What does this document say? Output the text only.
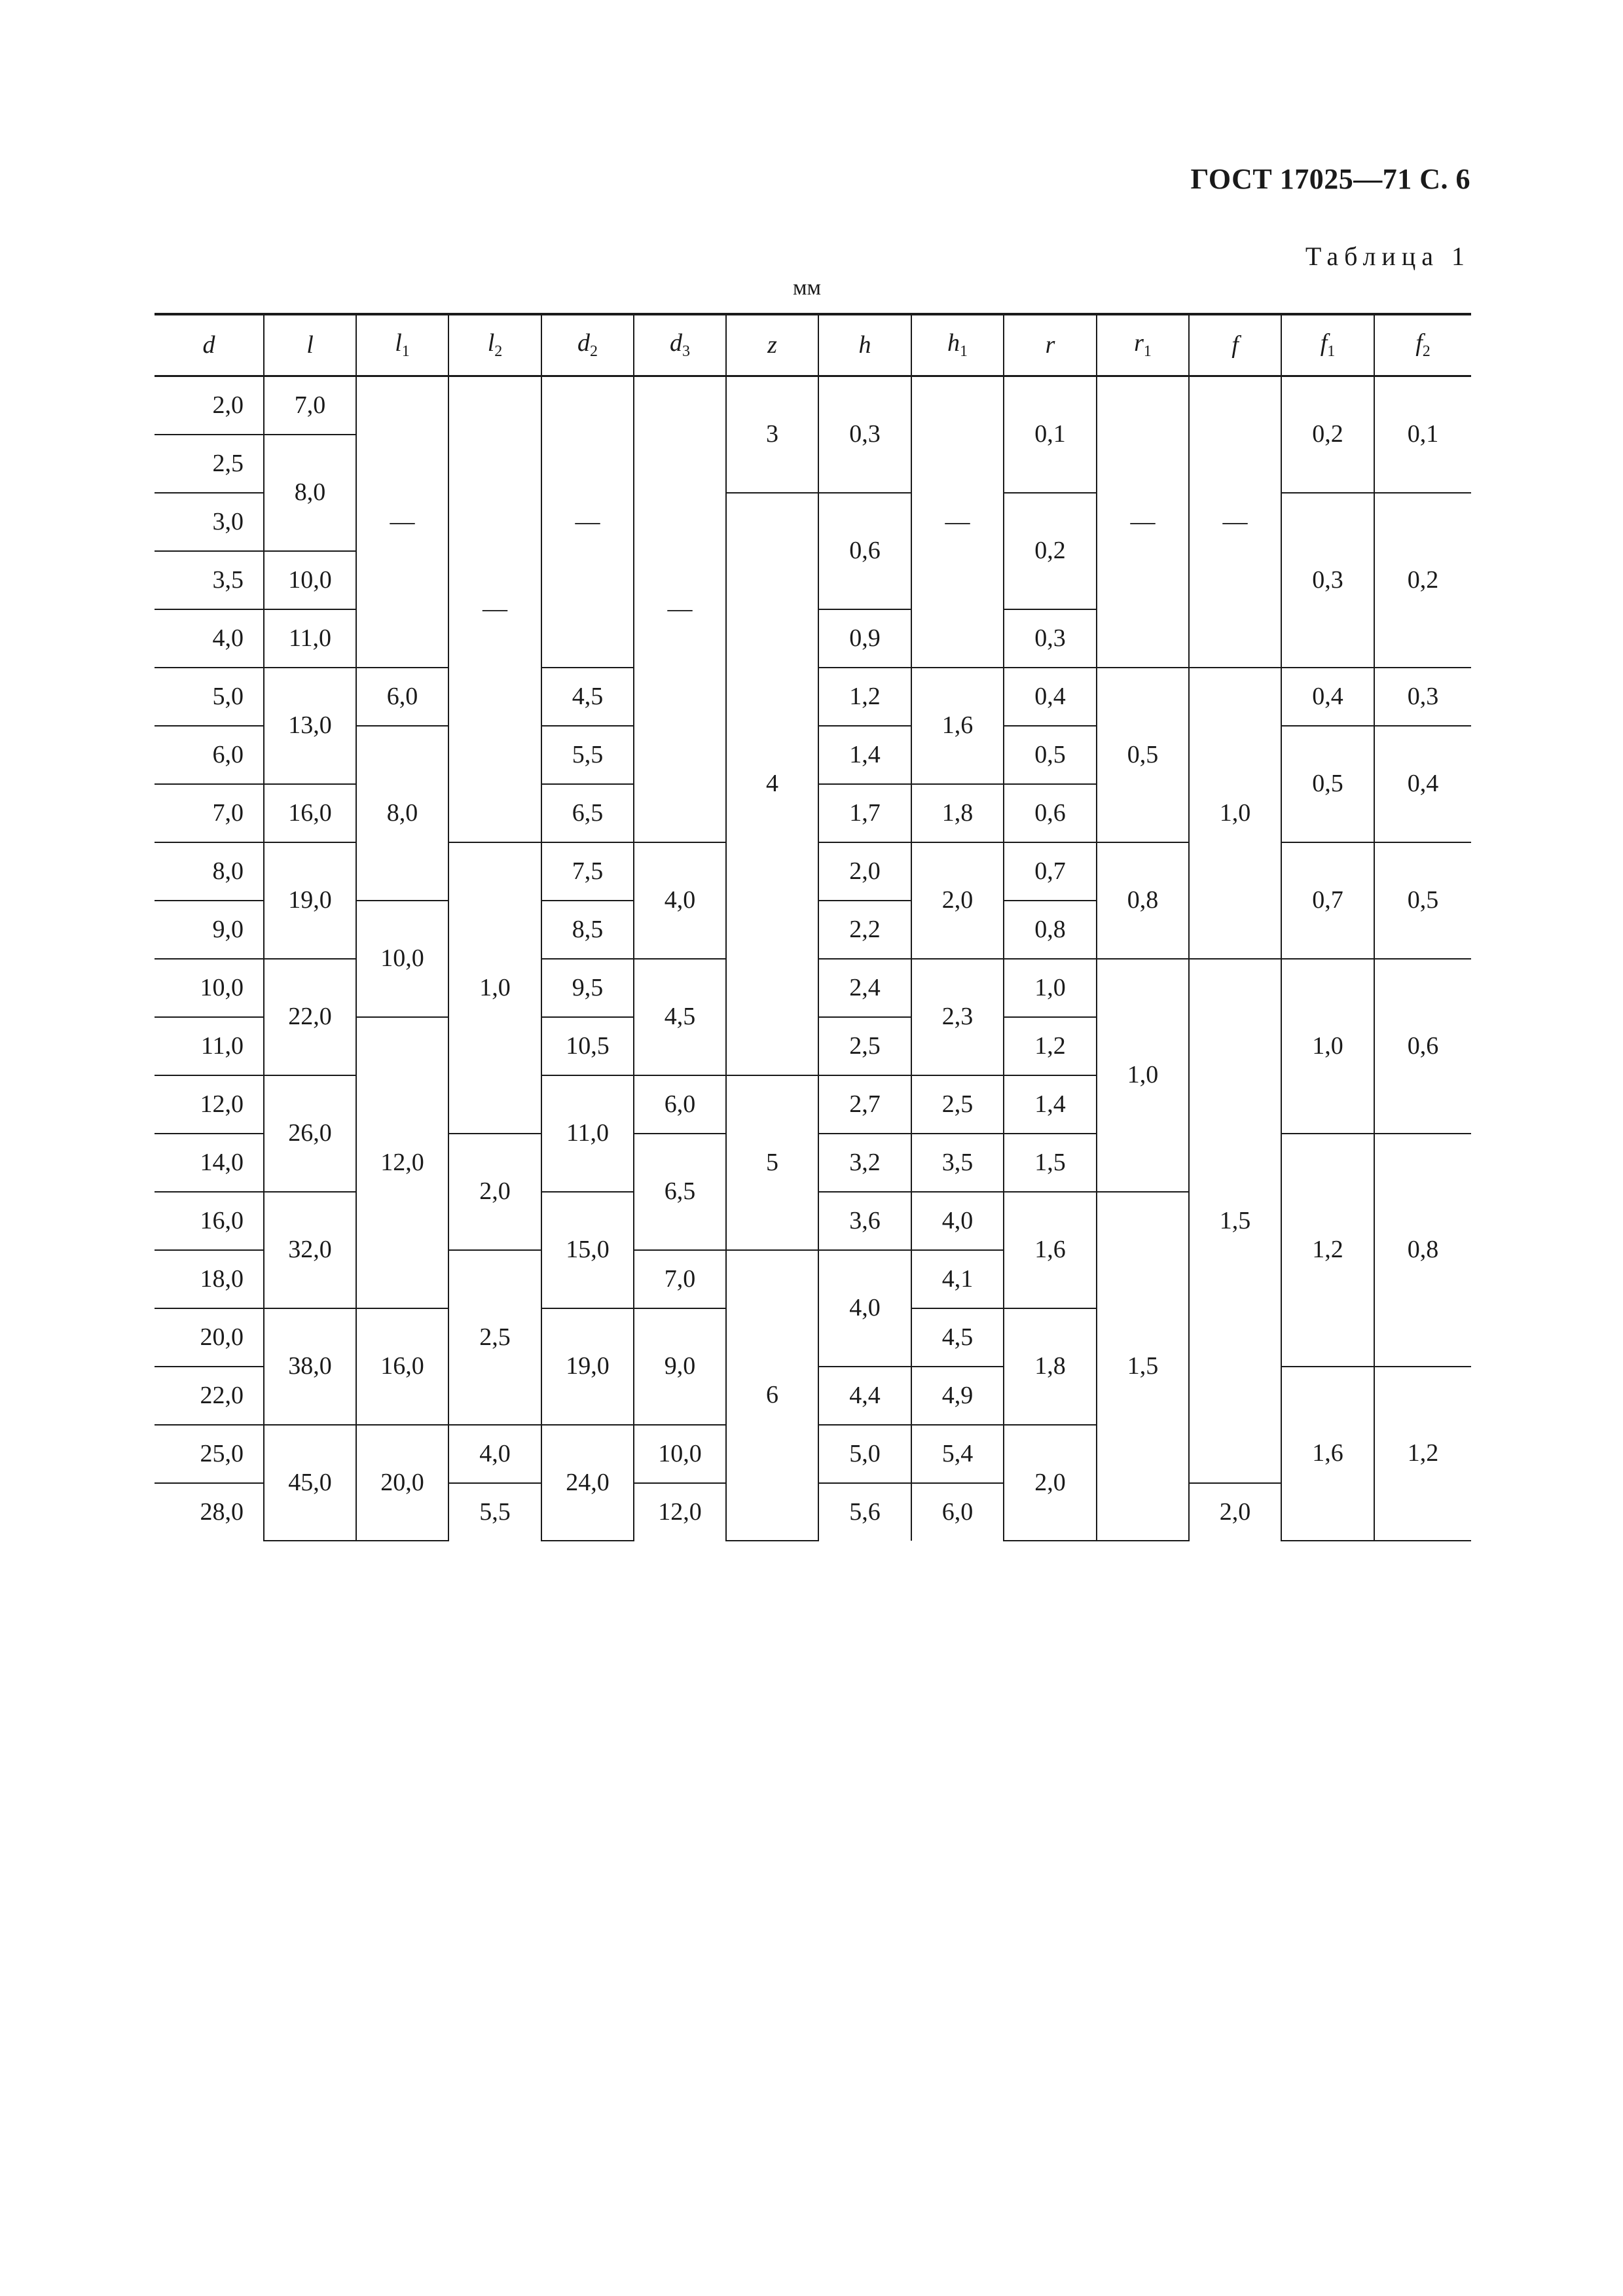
ГОСТ 17025—71 С. 6
Таблица 1
мм
d	l	$l_1$	$l_2$	$d_2$	$d_3$	z	h	$h_1$	r	$r_1$	f	$f_1$	$f_2$
2,0	7,0	—	—	—	—	3	0,3	—	0,1	—	—	0,2	0,1
2,5	8,0												
3,0						4	0,6		0,2			0,3	0,2
3,5	10,0												
4,0	11,0						0,9		0,3				
5,0	13,0	6,0		4,5			1,2	1,6	0,4	0,5	1,0	0,4	0,3
6,0		8,0		5,5			1,4		0,5			0,5	0,4
7,0	16,0			6,5			1,7	1,8	0,6				
8,0	19,0		1,0	7,5	4,0		2,0	2,0	0,7	0,8		0,7	0,5
9,0		10,0		8,5			2,2		0,8				
10,0	22,0			9,5	4,5		2,4	2,3	1,0	1,0	1,5	1,0	0,6
11,0		12,0		10,5			2,5		1,2				
12,0	26,0			11,0	6,0	5	2,7	2,5	1,4				
14,0			2,0		6,5		3,2	3,5	1,5			1,2	0,8
16,0	32,0			15,0			3,6	4,0	1,6	1,5			
18,0			2,5		7,0	6	4,0	4,1					
20,0	38,0	16,0		19,0	9,0			4,5	1,8				
22,0							4,4	4,9				1,6	1,2
25,0	45,0	20,0	4,0	24,0	10,0		5,0	5,4	2,0				
28,0			5,5		12,0		5,6	6,0			2,0		
